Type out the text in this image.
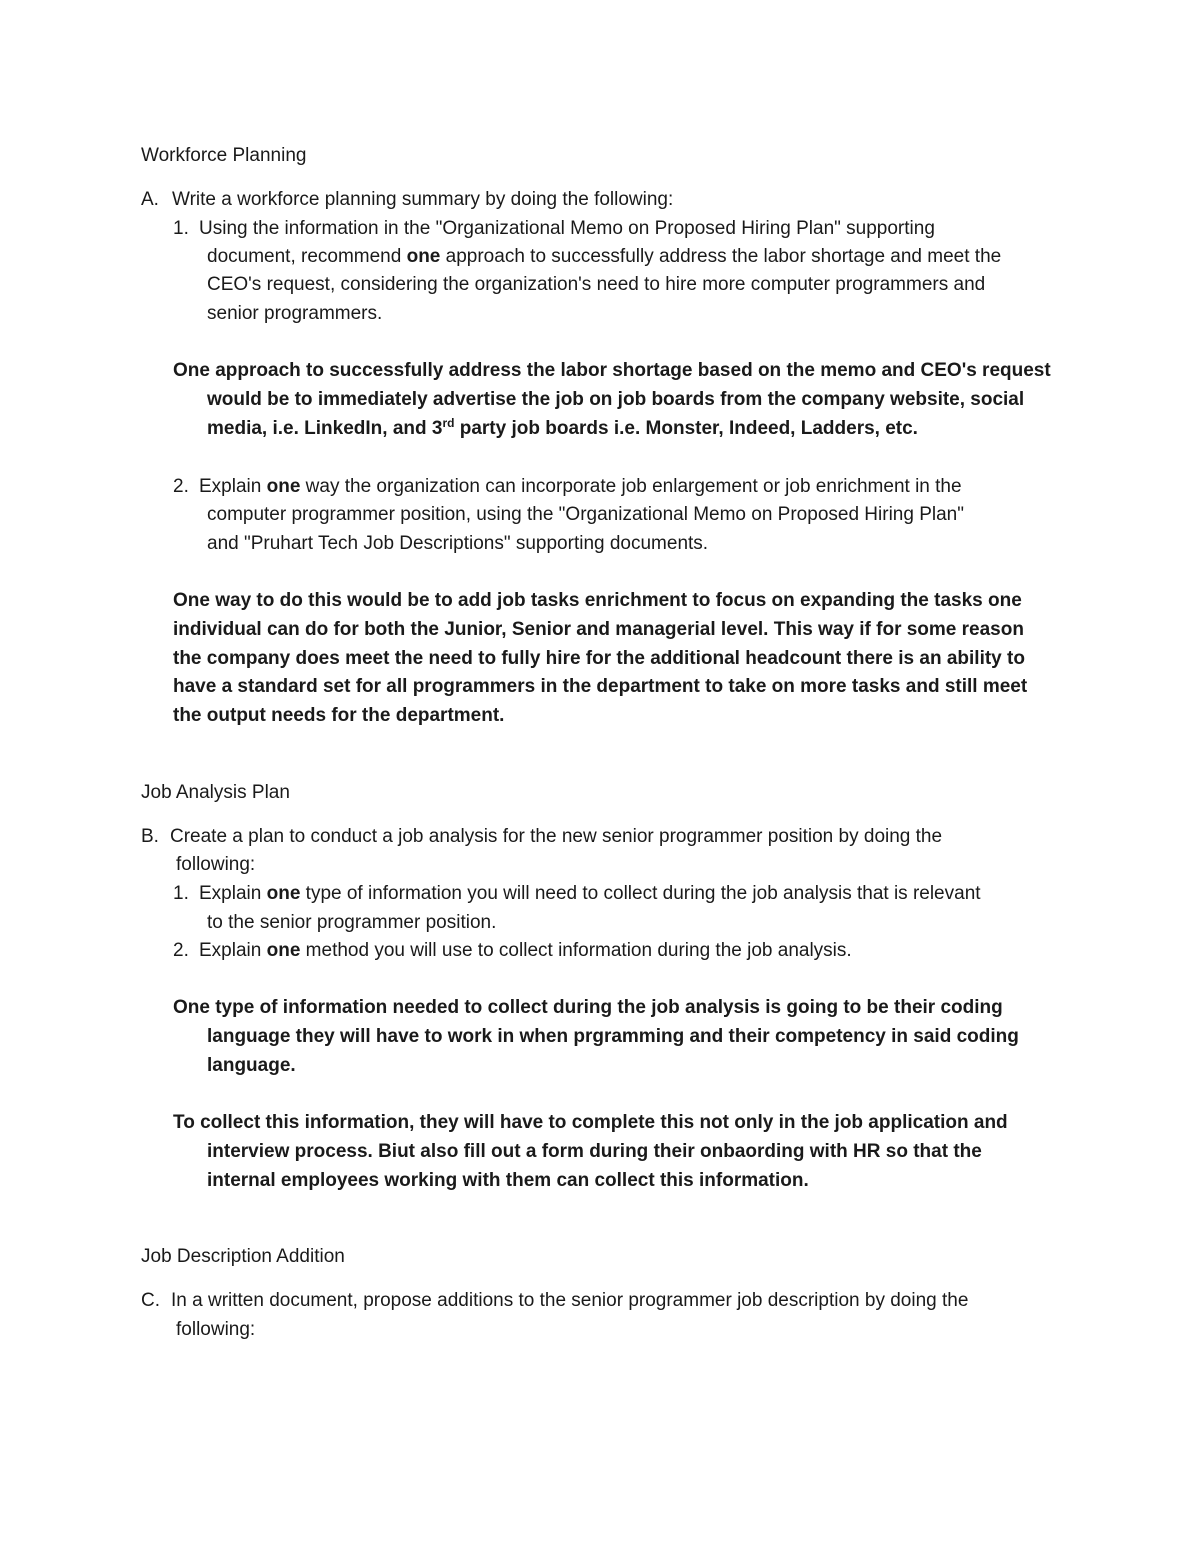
Workforce Planning
A. Write a workforce planning summary by doing the following:
1. Using the information in the "Organizational Memo on Proposed Hiring Plan" supporting
document, recommend one approach to successfully address the labor shortage and meet the
CEO's request, considering the organization's need to hire more computer programmers and
senior programmers.
One approach to successfully address the labor shortage based on the memo and CEO's request
would be to immediately advertise the job on job boards from the company website, social
media, i.e. LinkedIn, and 3rd party job boards i.e. Monster, Indeed, Ladders, etc.
2. Explain one way the organization can incorporate job enlargement or job enrichment in the
computer programmer position, using the "Organizational Memo on Proposed Hiring Plan"
and "Pruhart Tech Job Descriptions" supporting documents.
One way to do this would be to add job tasks enrichment to focus on expanding the tasks one
individual can do for both the Junior, Senior and managerial level. This way if for some reason
the company does meet the need to fully hire for the additional headcount there is an ability to
have a standard set for all programmers in the department to take on more tasks and still meet
the output needs for the department.
Job Analysis Plan
B. Create a plan to conduct a job analysis for the new senior programmer position by doing the
following:
1. Explain one type of information you will need to collect during the job analysis that is relevant
to the senior programmer position.
2. Explain one method you will use to collect information during the job analysis.
One type of information needed to collect during the job analysis is going to be their coding
language they will have to work in when prgramming and their competency in said coding
language.
To collect this information, they will have to complete this not only in the job application and
interview process. Biut also fill out a form during their onbaording with HR so that the
internal employees working with them can collect this information.
Job Description Addition
C. In a written document, propose additions to the senior programmer job description by doing the
following:
